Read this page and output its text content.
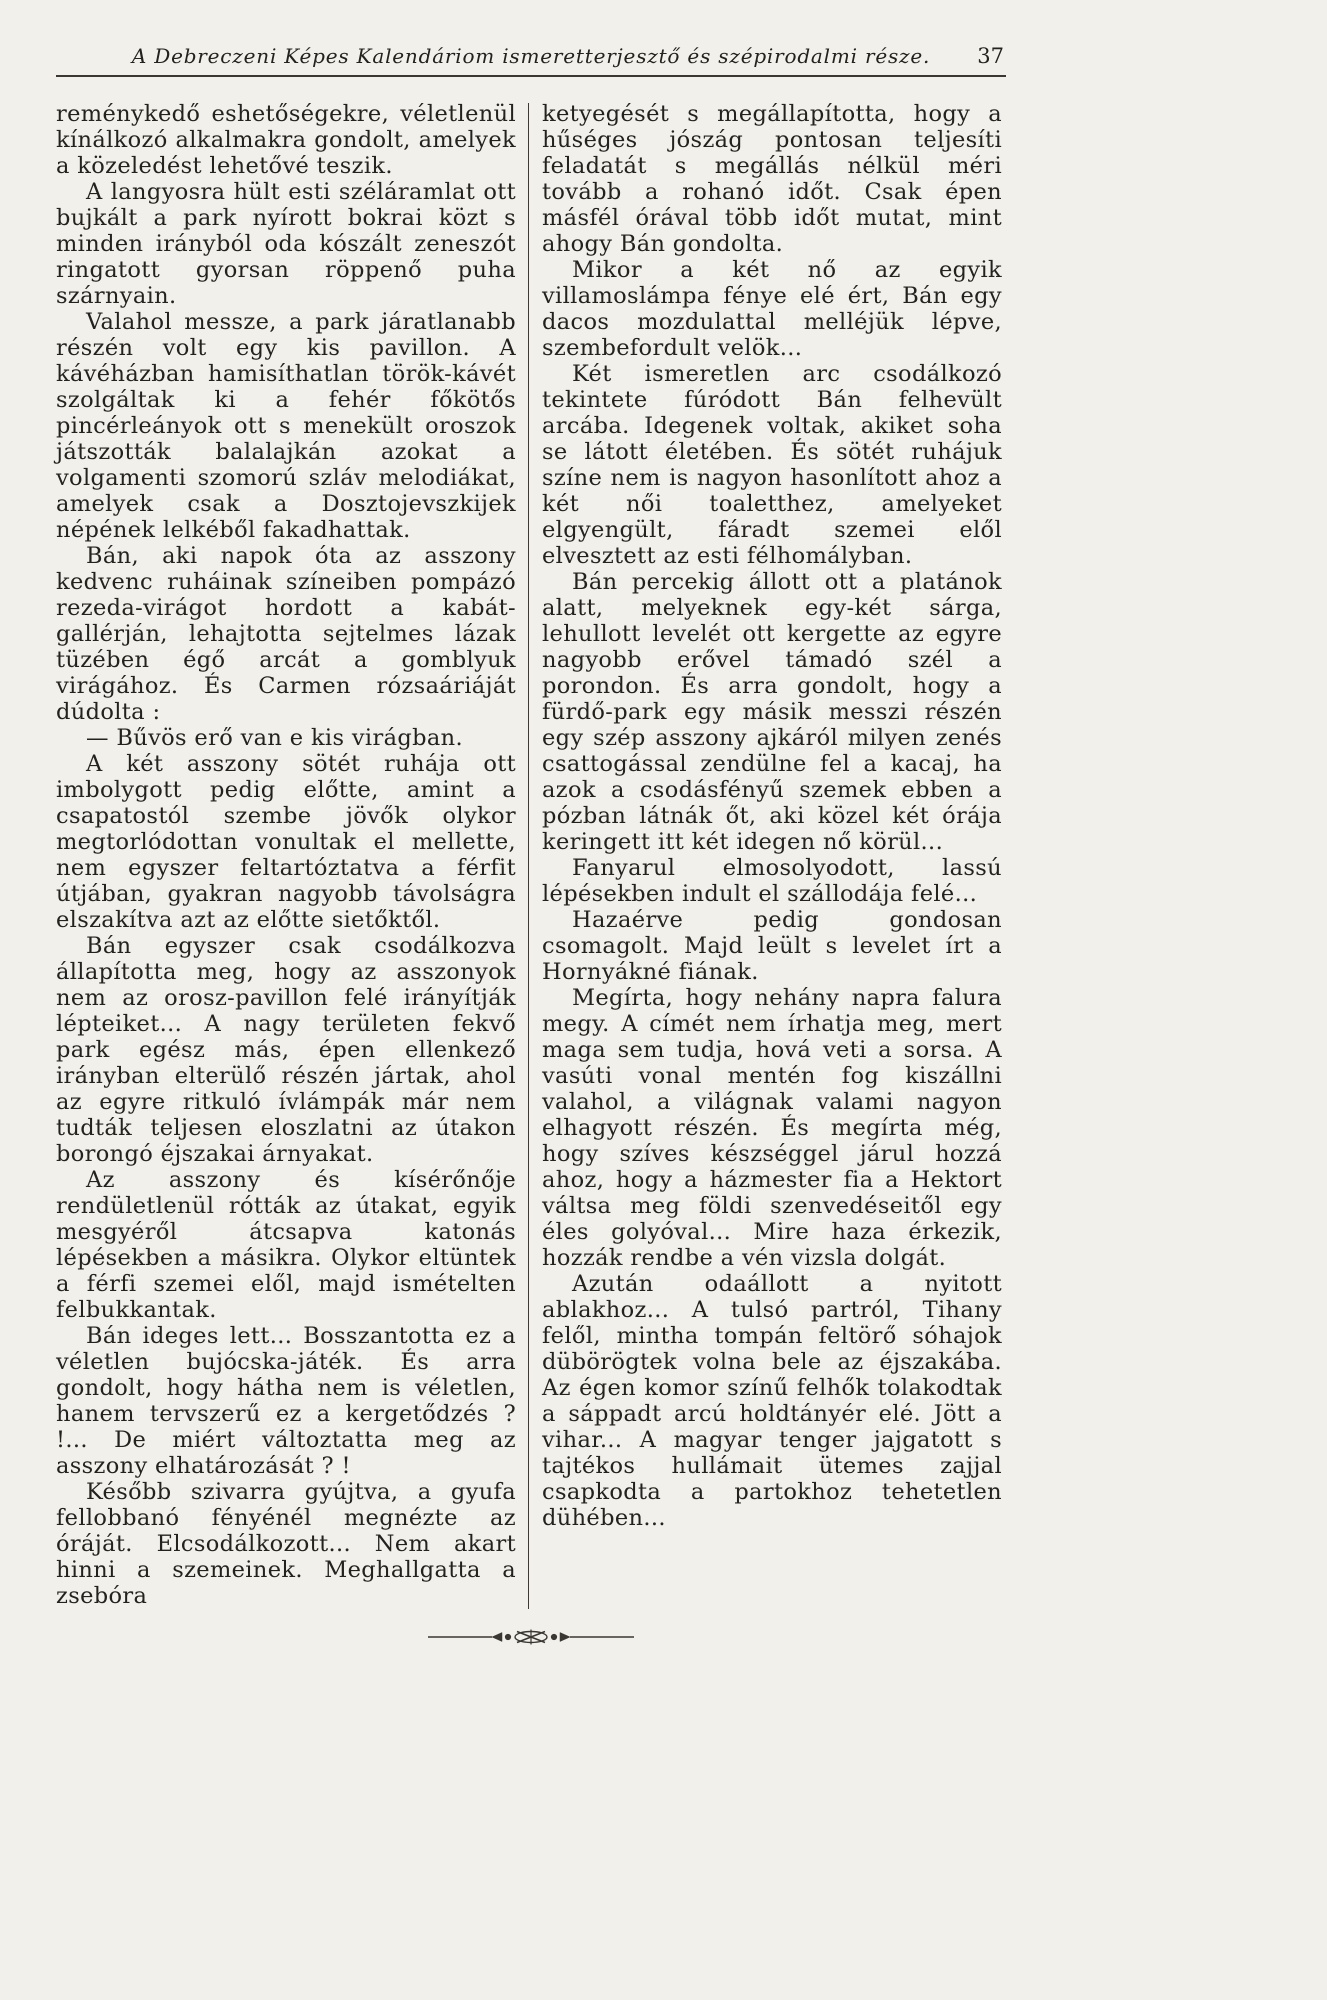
A Debreczeni Képes Kalendáriom ismeretterjesztő és szépirodalmi része. 37

reménykedő eshetőségekre, véletlenül kínálkozó alkalmakra gondolt, amelyek a közeledést lehetővé teszik.

A langyosra hült esti széláramlat ott bujkált a park nyírott bokrai közt s minden irányból oda kószált zeneszót ringatott gyorsan röppenő puha szárnyain.

Valahol messze, a park járatlanabb részén volt egy kis pavillon. A kávéházban hamisíthatlan török-kávét szolgáltak ki a fehér főkötős pincérleányok ott s menekült oroszok játszották balalajkán azokat a volgamenti szomorú szláv melodiákat, amelyek csak a Dosztojevszkijek népének lelkéből fakadhattak.

Bán, aki napok óta az asszony kedvenc ruháinak színeiben pompázó rezeda-virágot hordott a kabát-gallérján, lehajtotta sejtelmes lázak tüzében égő arcát a gomblyuk virágához. És Carmen rózsaáriáját dúdolta :

— Bűvös erő van e kis virágban.

A két asszony sötét ruhája ott imbolygott pedig előtte, amint a csapatostól szembe jövők olykor megtorlódottan vonultak el mellette, nem egyszer feltartóztatva a férfit útjában, gyakran nagyobb távolságra elszakítva azt az előtte sietőktől.

Bán egyszer csak csodálkozva állapította meg, hogy az asszonyok nem az orosz-pavillon felé irányítják lépteiket... A nagy területen fekvő park egész más, épen ellenkező irányban elterülő részén jártak, ahol az egyre ritkuló ívlámpák már nem tudták teljesen eloszlatni az útakon borongó éjszakai árnyakat.

Az asszony és kísérőnője rendületlenül rótták az útakat, egyik mesgyéről átcsapva katonás lépésekben a másikra. Olykor eltüntek a férfi szemei elől, majd ismételten felbukkantak.

Bán ideges lett... Bosszantotta ez a véletlen bujócska-játék. És arra gondolt, hogy hátha nem is véletlen, hanem tervszerű ez a kergetődzés ? !... De miért változtatta meg az asszony elhatározását ? !

Később szivarra gyújtva, a gyufa fellobbanó fényénél megnézte az óráját. Elcsodálkozott... Nem akart hinni a szemeinek. Meghallgatta a zsebóra

ketyegését s megállapította, hogy a hűséges jószág pontosan teljesíti feladatát s megállás nélkül méri tovább a rohanó időt. Csak épen másfél órával több időt mutat, mint ahogy Bán gondolta.

Mikor a két nő az egyik villamoslámpa fénye elé ért, Bán egy dacos mozdulattal melléjük lépve, szembefordult velök...

Két ismeretlen arc csodálkozó tekintete fúródott Bán felhevült arcába. Idegenek voltak, akiket soha se látott életében. És sötét ruhájuk színe nem is nagyon hasonlított ahoz a két női toaletthez, amelyeket elgyengült, fáradt szemei elől elvesztett az esti félhomályban.

Bán percekig állott ott a platánok alatt, melyeknek egy-két sárga, lehullott levelét ott kergette az egyre nagyobb erővel támadó szél a porondon. És arra gondolt, hogy a fürdő-park egy másik messzi részén egy szép asszony ajkáról milyen zenés csattogással zendülne fel a kacaj, ha azok a csodásfényű szemek ebben a pózban látnák őt, aki közel két órája keringett itt két idegen nő körül...

Fanyarul elmosolyodott, lassú lépésekben indult el szállodája felé...

Hazaérve pedig gondosan csomagolt. Majd leült s levelet írt a Hornyákné fiának.

Megírta, hogy nehány napra falura megy. A címét nem írhatja meg, mert maga sem tudja, hová veti a sorsa. A vasúti vonal mentén fog kiszállni valahol, a világnak valami nagyon elhagyott részén. És megírta még, hogy szíves készséggel járul hozzá ahoz, hogy a házmester fia a Hektort váltsa meg földi szenvedéseitől egy éles golyóval... Mire haza érkezik, hozzák rendbe a vén vizsla dolgát.

Azután odaállott a nyitott ablakhoz... A tulsó partról, Tihany felől, mintha tompán feltörő sóhajok dübörögtek volna bele az éjszakába. Az égen komor színű felhők tolakodtak a sáppadt arcú holdtányér elé. Jött a vihar... A magyar tenger jajgatott s tajtékos hullámait ütemes zajjal csapkodta a partokhoz tehetetlen dühében...
